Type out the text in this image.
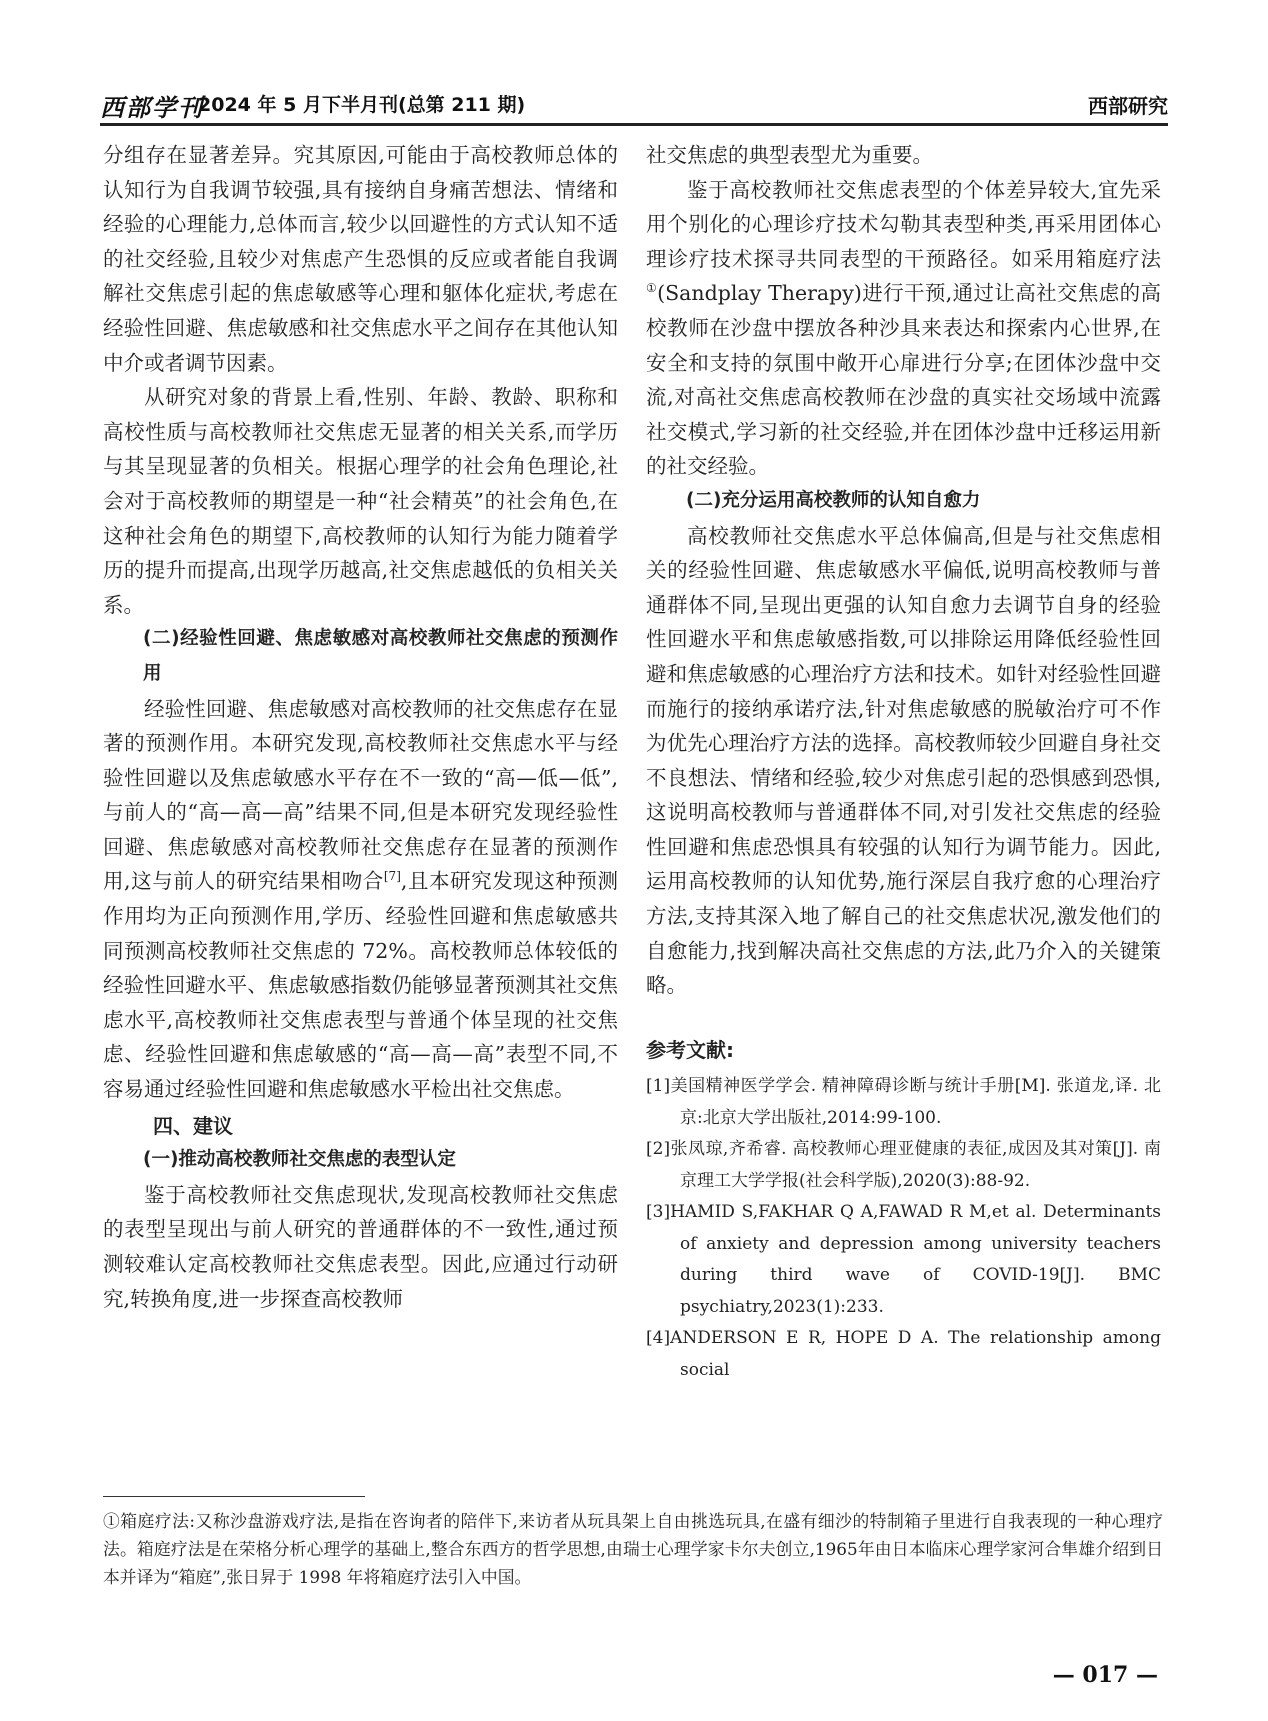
西部学刊
2024 年 5 月下半月刊(总第 211 期)	西部研究

分组存在显著差异。究其原因,可能由于高校教师总体的认知行为自我调节较强,具有接纳自身痛苦想法、情绪和经验的心理能力,总体而言,较少以回避性的方式认知不适的社交经验,且较少对焦虑产生恐惧的反应或者能自我调解社交焦虑引起的焦虑敏感等心理和躯体化症状,考虑在经验性回避、焦虑敏感和社交焦虑水平之间存在其他认知中介或者调节因素。

从研究对象的背景上看,性别、年龄、教龄、职称和高校性质与高校教师社交焦虑无显著的相关关系,而学历与其呈现显著的负相关。根据心理学的社会角色理论,社会对于高校教师的期望是一种“社会精英”的社会角色,在这种社会角色的期望下,高校教师的认知行为能力随着学历的提升而提高,出现学历越高,社交焦虑越低的负相关关系。

(二)经验性回避、焦虑敏感对高校教师社交焦虑的预测作用

经验性回避、焦虑敏感对高校教师的社交焦虑存在显著的预测作用。本研究发现,高校教师社交焦虑水平与经验性回避以及焦虑敏感水平存在不一致的“高—低—低”,与前人的“高—高—高”结果不同,但是本研究发现经验性回避、焦虑敏感对高校教师社交焦虑存在显著的预测作用,这与前人的研究结果相吻合[7],且本研究发现这种预测作用均为正向预测作用,学历、经验性回避和焦虑敏感共同预测高校教师社交焦虑的 72%。高校教师总体较低的经验性回避水平、焦虑敏感指数仍能够显著预测其社交焦虑水平,高校教师社交焦虑表型与普通个体呈现的社交焦虑、经验性回避和焦虑敏感的“高—高—高”表型不同,不容易通过经验性回避和焦虑敏感水平检出社交焦虑。

四、建议

(一)推动高校教师社交焦虑的表型认定

鉴于高校教师社交焦虑现状,发现高校教师社交焦虑的表型呈现出与前人研究的普通群体的不一致性,通过预测较难认定高校教师社交焦虑表型。因此,应通过行动研究,转换角度,进一步探查高校教师

社交焦虑的典型表型尤为重要。

鉴于高校教师社交焦虑表型的个体差异较大,宜先采用个别化的心理诊疗技术勾勒其表型种类,再采用团体心理诊疗技术探寻共同表型的干预路径。如采用箱庭疗法①(Sandplay Therapy)进行干预,通过让高社交焦虑的高校教师在沙盘中摆放各种沙具来表达和探索内心世界,在安全和支持的氛围中敞开心扉进行分享;在团体沙盘中交流,对高社交焦虑高校教师在沙盘的真实社交场域中流露社交模式,学习新的社交经验,并在团体沙盘中迁移运用新的社交经验。

(二)充分运用高校教师的认知自愈力

高校教师社交焦虑水平总体偏高,但是与社交焦虑相关的经验性回避、焦虑敏感水平偏低,说明高校教师与普通群体不同,呈现出更强的认知自愈力去调节自身的经验性回避水平和焦虑敏感指数,可以排除运用降低经验性回避和焦虑敏感的心理治疗方法和技术。如针对经验性回避而施行的接纳承诺疗法,针对焦虑敏感的脱敏治疗可不作为优先心理治疗方法的选择。高校教师较少回避自身社交不良想法、情绪和经验,较少对焦虑引起的恐惧感到恐惧,这说明高校教师与普通群体不同,对引发社交焦虑的经验性回避和焦虑恐惧具有较强的认知行为调节能力。因此,运用高校教师的认知优势,施行深层自我疗愈的心理治疗方法,支持其深入地了解自己的社交焦虑状况,激发他们的自愈能力,找到解决高社交焦虑的方法,此乃介入的关键策略。

参考文献:

[1]美国精神医学学会. 精神障碍诊断与统计手册[M]. 张道龙,译. 北京:北京大学出版社,2014:99-100.

[2]张凤琼,齐希睿. 高校教师心理亚健康的表征,成因及其对策[J]. 南京理工大学学报(社会科学版),2020(3):88-92.

[3]HAMID S,FAKHAR Q A,FAWAD R M,et al. Determinants of anxiety and depression among university teachers during third wave of COVID-19[J]. BMC psychiatry,2023(1):233.

[4]ANDERSON E R, HOPE D A. The relationship among social

①箱庭疗法:又称沙盘游戏疗法,是指在咨询者的陪伴下,来访者从玩具架上自由挑选玩具,在盛有细沙的特制箱子里进行自我表现的一种心理疗法。箱庭疗法是在荣格分析心理学的基础上,整合东西方的哲学思想,由瑞士心理学家卡尔夫创立,1965年由日本临床心理学家河合隼雄介绍到日本并译为“箱庭”,张日昇于 1998 年将箱庭疗法引入中国。

— 017 —
